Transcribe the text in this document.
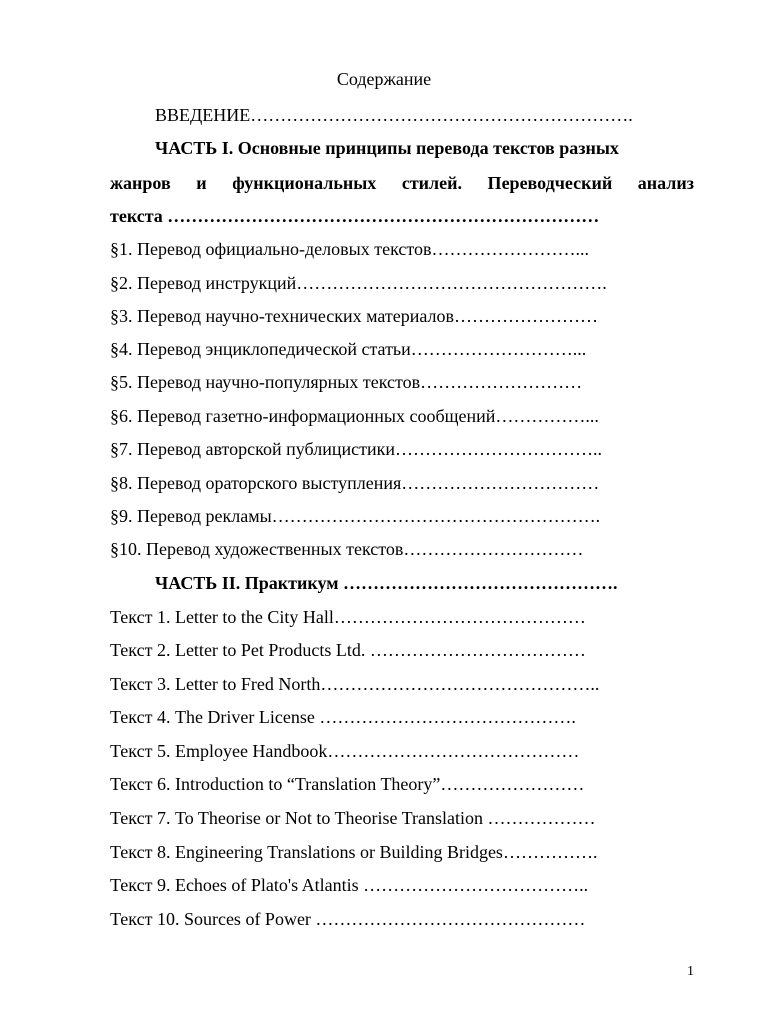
Содержание
ВВЕДЕНИЕ……………………………………………………….
ЧАСТЬ I. Основные принципы перевода текстов разных
жанров и функциональных стилей. Переводческий анализ
текста ………………………………………………………………
§1. Перевод официально-деловых текстов……………………...
§2. Перевод инструкций…………………………………………….
§3. Перевод научно-технических материалов……………………
§4. Перевод энциклопедической статьи………………………...
§5. Перевод научно-популярных текстов………………………
§6. Перевод газетно-информационных сообщений……………...
§7. Перевод авторской публицистики……………………………..
§8. Перевод ораторского выступления……………………………
§9. Перевод рекламы……………………………………………….
§10. Перевод художественных текстов…………………………
ЧАСТЬ II. Практикум ……………………………………….
Текст 1. Letter to the City Hall……………………………………
Текст 2. Letter to Pet Products Ltd. ………………………………
Текст 3. Letter to Fred North………………………………………..
Текст 4. The Driver License …………………………………….
Текст 5. Employee Handbook……………………………………
Текст 6. Introduction to “Translation Theory”……………………
Текст 7. To Theorise or Not to Theorise Translation ………………
Текст 8. Engineering Translations or Building Bridges…………….
Текст 9. Echoes of Plato's Atlantis ………………………………..
Текст 10. Sources of Power ………………………………………
1
